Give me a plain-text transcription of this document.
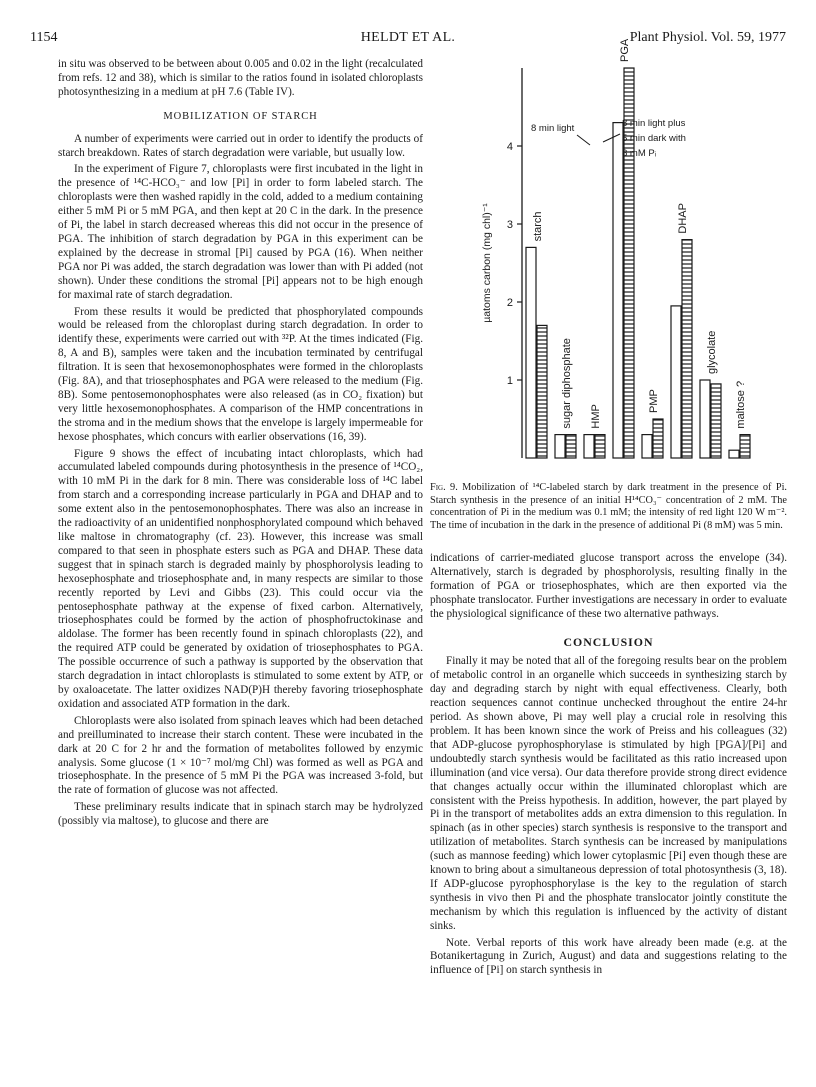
1154	HELDT ET AL.	Plant Physiol. Vol. 59, 1977

in situ was observed to be between about 0.005 and 0.02 in the light (recalculated from refs. 12 and 38), which is similar to the ratios found in isolated chloroplasts photosynthesizing in a medium at pH 7.6 (Table IV).

MOBILIZATION OF STARCH

A number of experiments were carried out in order to identify the products of starch breakdown. Rates of starch degradation were variable, but usually low.

In the experiment of Figure 7, chloroplasts were first incubated in the light in the presence of ¹⁴C-HCO₃⁻ and low [Pi] in order to form labeled starch. The chloroplasts were then washed rapidly in the cold, added to a medium containing either 5 mM Pi or 5 mM PGA, and then kept at 20 C in the dark. In the presence of Pi, the label in starch decreased whereas this did not occur in the presence of PGA. The inhibition of starch degradation by PGA in this experiment can be explained by the decrease in stromal [Pi] caused by PGA (16). When neither PGA nor Pi was added, the starch degradation was lower than with Pi added (not shown). Under these conditions the stromal [Pi] appears not to be high enough for maximal rate of starch degradation.

From these results it would be predicted that phosphorylated compounds would be released from the chloroplast during starch degradation. In order to identify these, experiments were carried out with ³²P. At the times indicated (Fig. 8, A and B), samples were taken and the incubation terminated by centrifugal filtration. It is seen that hexosemonophosphates were formed in the chloroplasts (Fig. 8A), and that triosephosphates and PGA were released to the medium (Fig. 8B). Some pentosemonophosphates were also released (as in CO₂ fixation) but very little hexosemonophosphates. A comparison of the HMP concentrations in the stroma and in the medium shows that the envelope is largely impermeable for hexose phosphates, which concurs with earlier observations (16, 39).

Figure 9 shows the effect of incubating intact chloroplasts, which had accumulated labeled compounds during photosynthesis in the presence of ¹⁴CO₂, with 10 mM Pi in the dark for 8 min. There was considerable loss of ¹⁴C label from starch and a corresponding increase particularly in PGA and DHAP and to some extent also in the pentosemonophosphates. There was also an increase in the radioactivity of an unidentified nonphosphorylated compound which behaved like maltose in chromatography (cf. 23). However, this increase was small compared to that seen in phosphate esters such as PGA and DHAP. These data suggest that in spinach starch is degraded mainly by phosphorolysis leading to hexosephosphate and triosephosphate and, in many respects are similar to those recently reported by Levi and Gibbs (23). This could occur via the pentosephosphate pathway at the expense of fixed carbon. Alternatively, triosephosphates could be formed by the action of phosphofructokinase and aldolase. The former has been recently found in spinach chloroplasts (22), and the required ATP could be generated by oxidation of triosephosphates to PGA. The possible occurrence of such a pathway is supported by the observation that starch degradation in intact chloroplasts is stimulated to some extent by ATP, or by oxaloacetate. The latter oxidizes NAD(P)H thereby favoring triosephosphate oxidation and associated ATP formation in the dark.

Chloroplasts were also isolated from spinach leaves which had been detached and preilluminated to increase their starch content. These were incubated in the dark at 20 C for 2 hr and the formation of metabolites followed by enzymic analysis. Some glucose (1 × 10⁻⁷ mol/mg Chl) was formed as well as PGA and triosephosphate. In the presence of 5 mM Pi the PGA was increased 3-fold, but the rate of formation of glucose was not affected.

These preliminary results indicate that in spinach starch may be hydrolyzed (possibly via maltose), to glucose and there are

1
2
3
4
µatoms carbon (mg chl)⁻¹	starch
sugar diphosphate HMP
PGA
PMP
DHAP
glycolate
maltose ?
8 min light	8 min light plus
5 min dark with
8 mM Pᵢ
Fig. 9. Mobilization of ¹⁴C-labeled starch by dark treatment in the presence of Pi. Starch synthesis in the presence of an initial H¹⁴CO₃⁻ concentration of 2 mM. The concentration of Pi in the medium was 0.1 mM; the intensity of red light 120 W m⁻². The time of incubation in the dark in the presence of additional Pi (8 mM) was 5 min.

indications of carrier-mediated glucose transport across the envelope (34). Alternatively, starch is degraded by phosphorolysis, resulting finally in the formation of PGA or triosephosphates, which are then exported via the phosphate translocator. Further investigations are necessary in order to evaluate the physiological significance of these two alternative pathways.

CONCLUSION

Finally it may be noted that all of the foregoing results bear on the problem of metabolic control in an organelle which succeeds in synthesizing starch by day and degrading starch by night with equal effectiveness. Clearly, both reaction sequences cannot continue unchecked throughout the entire 24-hr period. As shown above, Pi may well play a crucial role in resolving this problem. It has been known since the work of Preiss and his colleagues (32) that ADP-glucose pyrophosphorylase is stimulated by high [PGA]/[Pi] and undoubtedly starch synthesis would be facilitated as this ratio increased upon illumination (and vice versa). Our data therefore provide strong direct evidence that changes actually occur within the illuminated chloroplast which are consistent with the Preiss hypothesis. In addition, however, the part played by Pi in the transport of metabolites adds an extra dimension to this regulation. In spinach (as in other species) starch synthesis is responsive to the transport and utilization of metabolites. Starch synthesis can be increased by manipulations (such as mannose feeding) which lower cytoplasmic [Pi] even though these are known to bring about a simultaneous depression of total photosynthesis (3, 18). If ADP-glucose pyrophosphorylase is the key to the regulation of starch synthesis in vivo then Pi and the phosphate translocator jointly constitute the mechanism by which this regulation is influenced by the activity of distant sinks.

Note. Verbal reports of this work have already been made (e.g. at the Botanikertagung in Zurich, August) and data and suggestions relating to the influence of [Pi] on starch synthesis in
